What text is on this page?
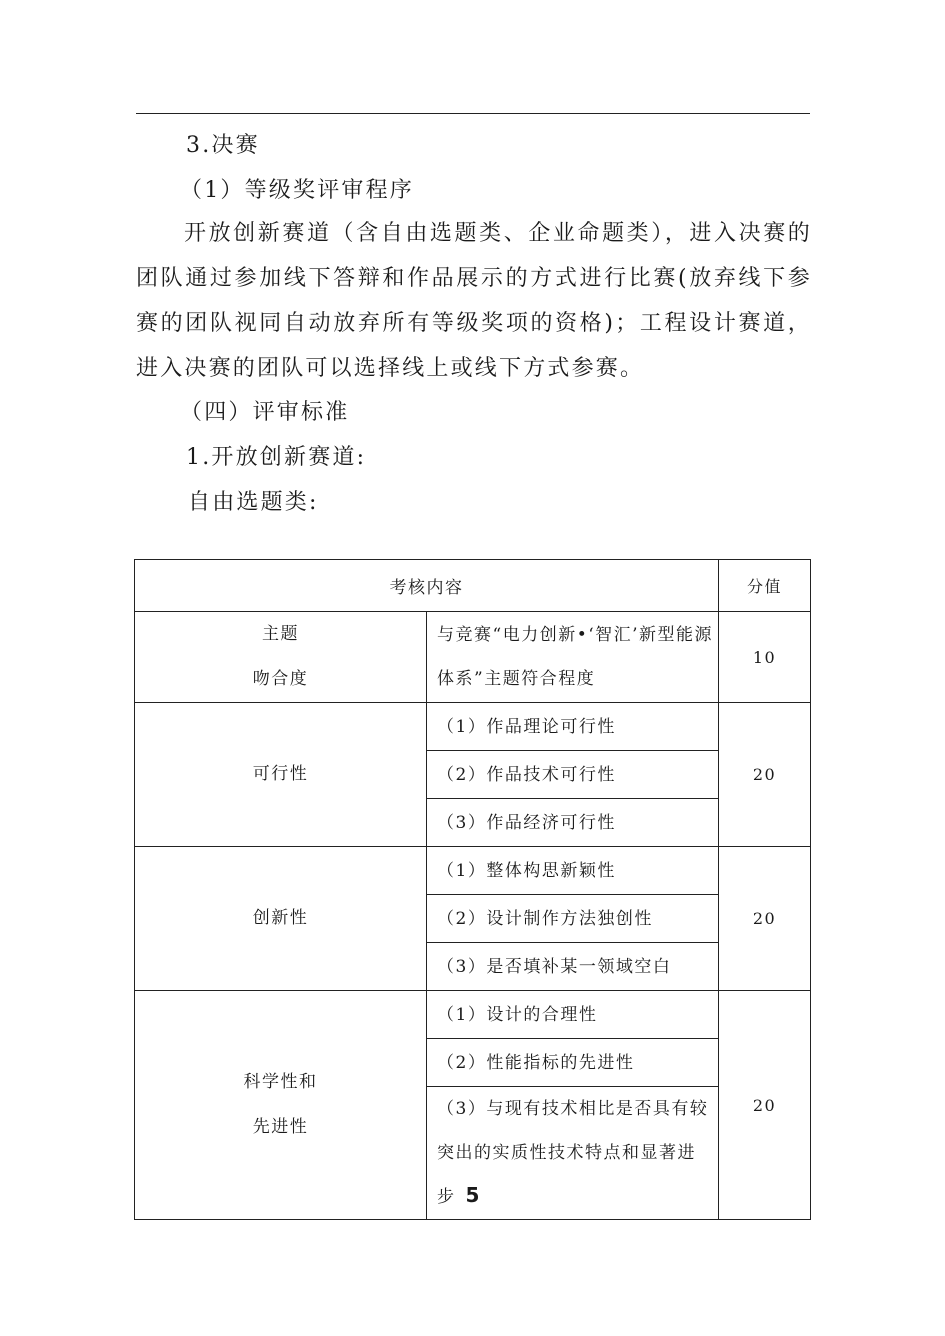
3.决赛
（1）等级奖评审程序
开放创新赛道（含自由选题类、企业命题类），进入决赛的团队通过参加线下答辩和作品展示的方式进行比赛(放弃线下参赛的团队视同自动放弃所有等级奖项的资格)；工程设计赛道，进入决赛的团队可以选择线上或线下方式参赛。
（四）评审标准
1.开放创新赛道:
自由选题类:
考核内容		分值

主题
吻合度	与竞赛“电力创新•‘智汇’新型能源体系”主题符合程度	10
可行性	（1）作品理论可行性	20
	（2）作品技术可行性	
	（3）作品经济可行性	
创新性	（1）整体构思新颖性	20
	（2）设计制作方法独创性	
	（3）是否填补某一领域空白	

科学性和
先进性	（1）设计的合理性	20
	（2）性能指标的先进性	
	（3）与现有技术相比是否具有较突出的实质性技术特点和显著进步	5
